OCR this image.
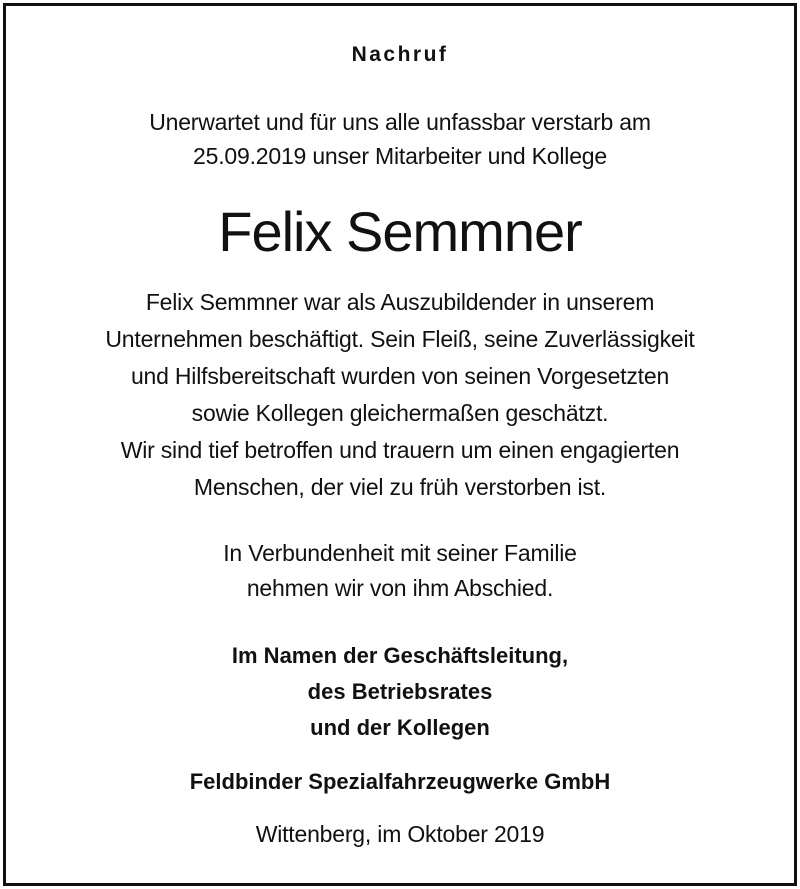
Nachruf
Unerwartet und für uns alle unfassbar verstarb am
25.09.2019 unser Mitarbeiter und Kollege
Felix Semmner
Felix Semmner war als Auszubildender in unserem
Unternehmen beschäftigt. Sein Fleiß, seine Zuverlässigkeit
und Hilfsbereitschaft wurden von seinen Vorgesetzten
sowie Kollegen gleichermaßen geschätzt.
Wir sind tief betroffen und trauern um einen engagierten
Menschen, der viel zu früh verstorben ist.
In Verbundenheit mit seiner Familie
nehmen wir von ihm Abschied.
Im Namen der Geschäftsleitung,
des Betriebsrates
und der Kollegen
Feldbinder Spezialfahrzeugwerke GmbH
Wittenberg, im Oktober 2019
